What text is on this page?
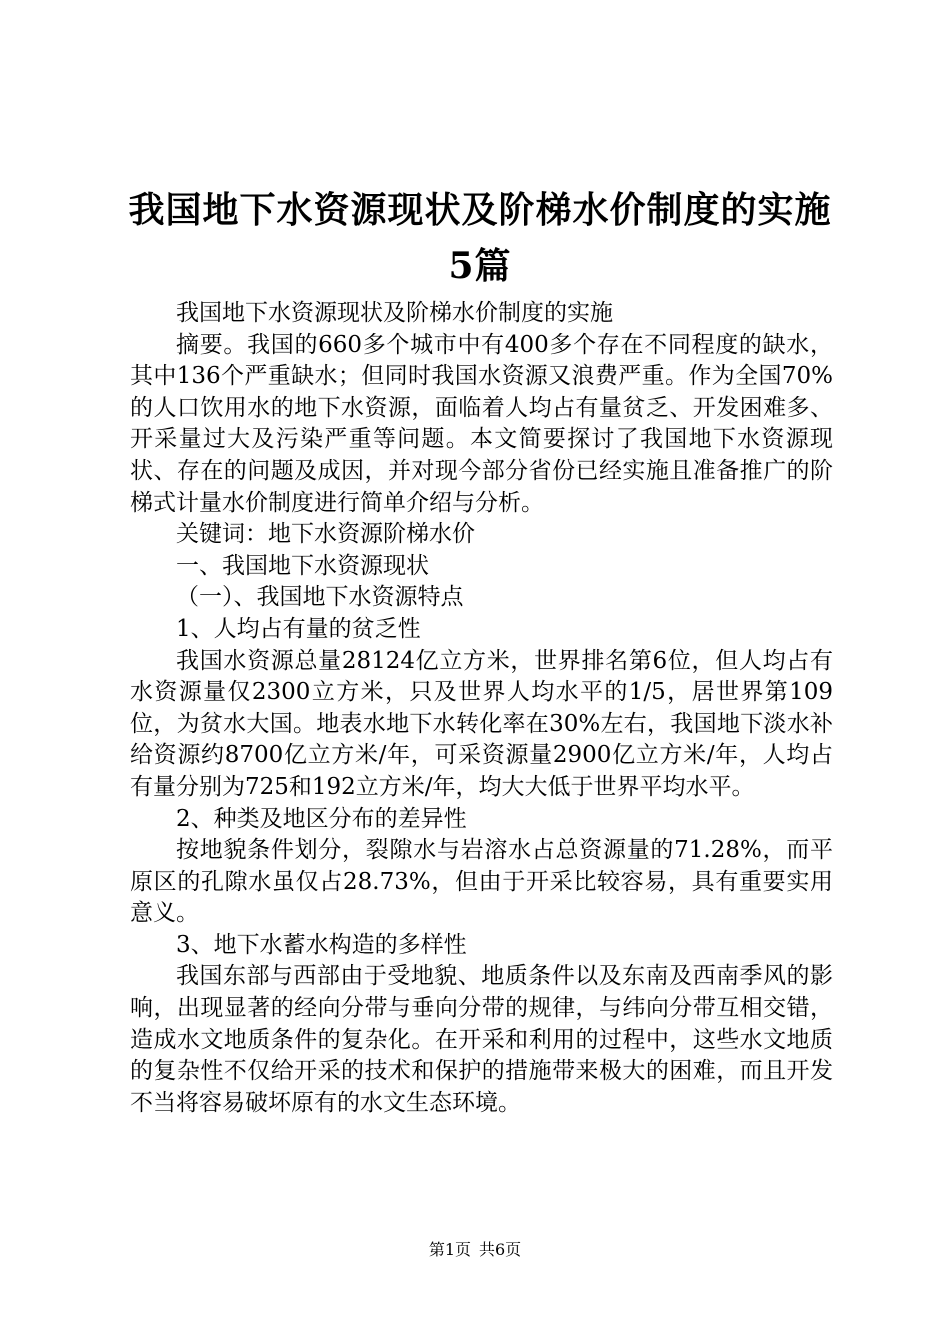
我国地下水资源现状及阶梯水价制度的实施5篇

我国地下水资源现状及阶梯水价制度的实施

摘要。我国的660多个城市中有400多个存在不同程度的缺水，其中136个严重缺水；但同时我国水资源又浪费严重。作为全国70%的人口饮用水的地下水资源，面临着人均占有量贫乏、开发困难多、开采量过大及污染严重等问题。本文简要探讨了我国地下水资源现状、存在的问题及成因，并对现今部分省份已经实施且准备推广的阶梯式计量水价制度进行简单介绍与分析。

关键词：地下水资源阶梯水价

一、我国地下水资源现状

（一）、我国地下水资源特点

1、人均占有量的贫乏性

我国水资源总量28124亿立方米，世界排名第6位，但人均占有水资源量仅2300立方米，只及世界人均水平的1/5，居世界第109位，为贫水大国。地表水地下水转化率在30%左右，我国地下淡水补给资源约8700亿立方米/年，可采资源量2900亿立方米/年，人均占有量分别为725和192立方米/年，均大大低于世界平均水平。

2、种类及地区分布的差异性

按地貌条件划分，裂隙水与岩溶水占总资源量的71.28%，而平原区的孔隙水虽仅占28.73%，但由于开采比较容易，具有重要实用意义。

3、地下水蓄水构造的多样性

我国东部与西部由于受地貌、地质条件以及东南及西南季风的影响，出现显著的经向分带与垂向分带的规律，与纬向分带互相交错，造成水文地质条件的复杂化。在开采和利用的过程中，这些水文地质的复杂性不仅给开采的技术和保护的措施带来极大的困难，而且开发不当将容易破坏原有的水文生态环境。

第1页 共6页
